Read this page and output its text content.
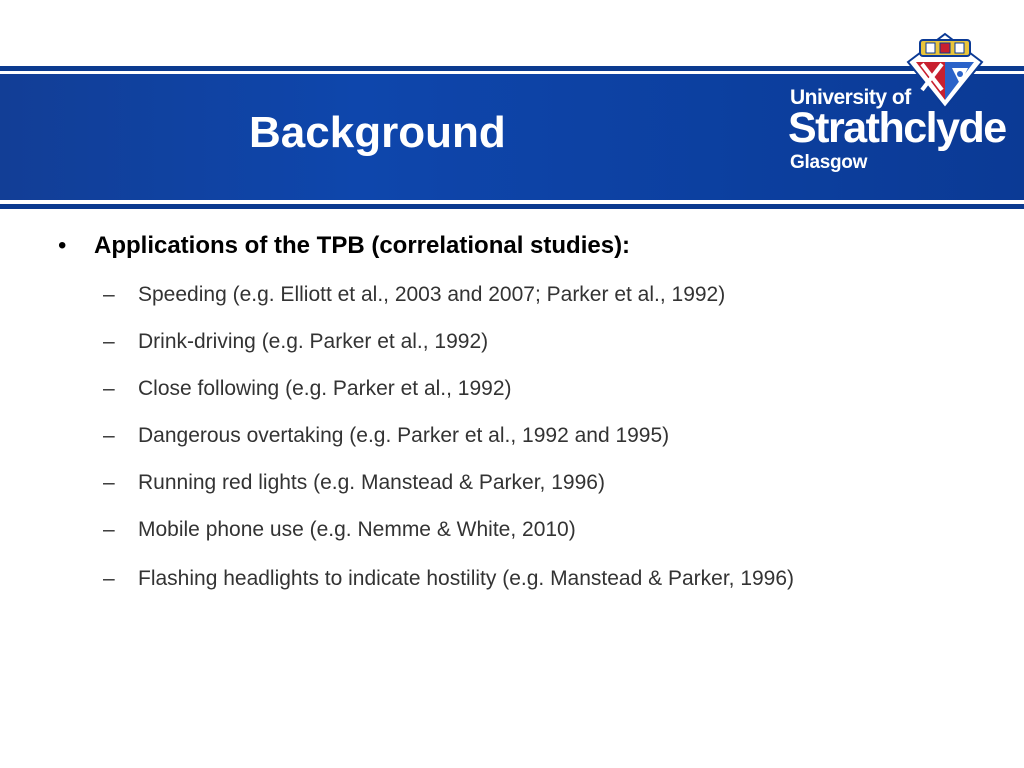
Background
University of
Strathclyde
Glasgow
•	Applications of the TPB (correlational studies):
–	Speeding (e.g. Elliott et al., 2003 and 2007; Parker et al., 1992)
–	Drink-driving (e.g. Parker et al., 1992)
–	Close following (e.g. Parker et al., 1992)
–	Dangerous overtaking (e.g. Parker et al., 1992 and 1995)
–	Running red lights (e.g. Manstead & Parker, 1996)
–	Mobile phone use (e.g. Nemme & White, 2010)
–	Flashing headlights to indicate hostility (e.g. Manstead & Parker, 1996)
